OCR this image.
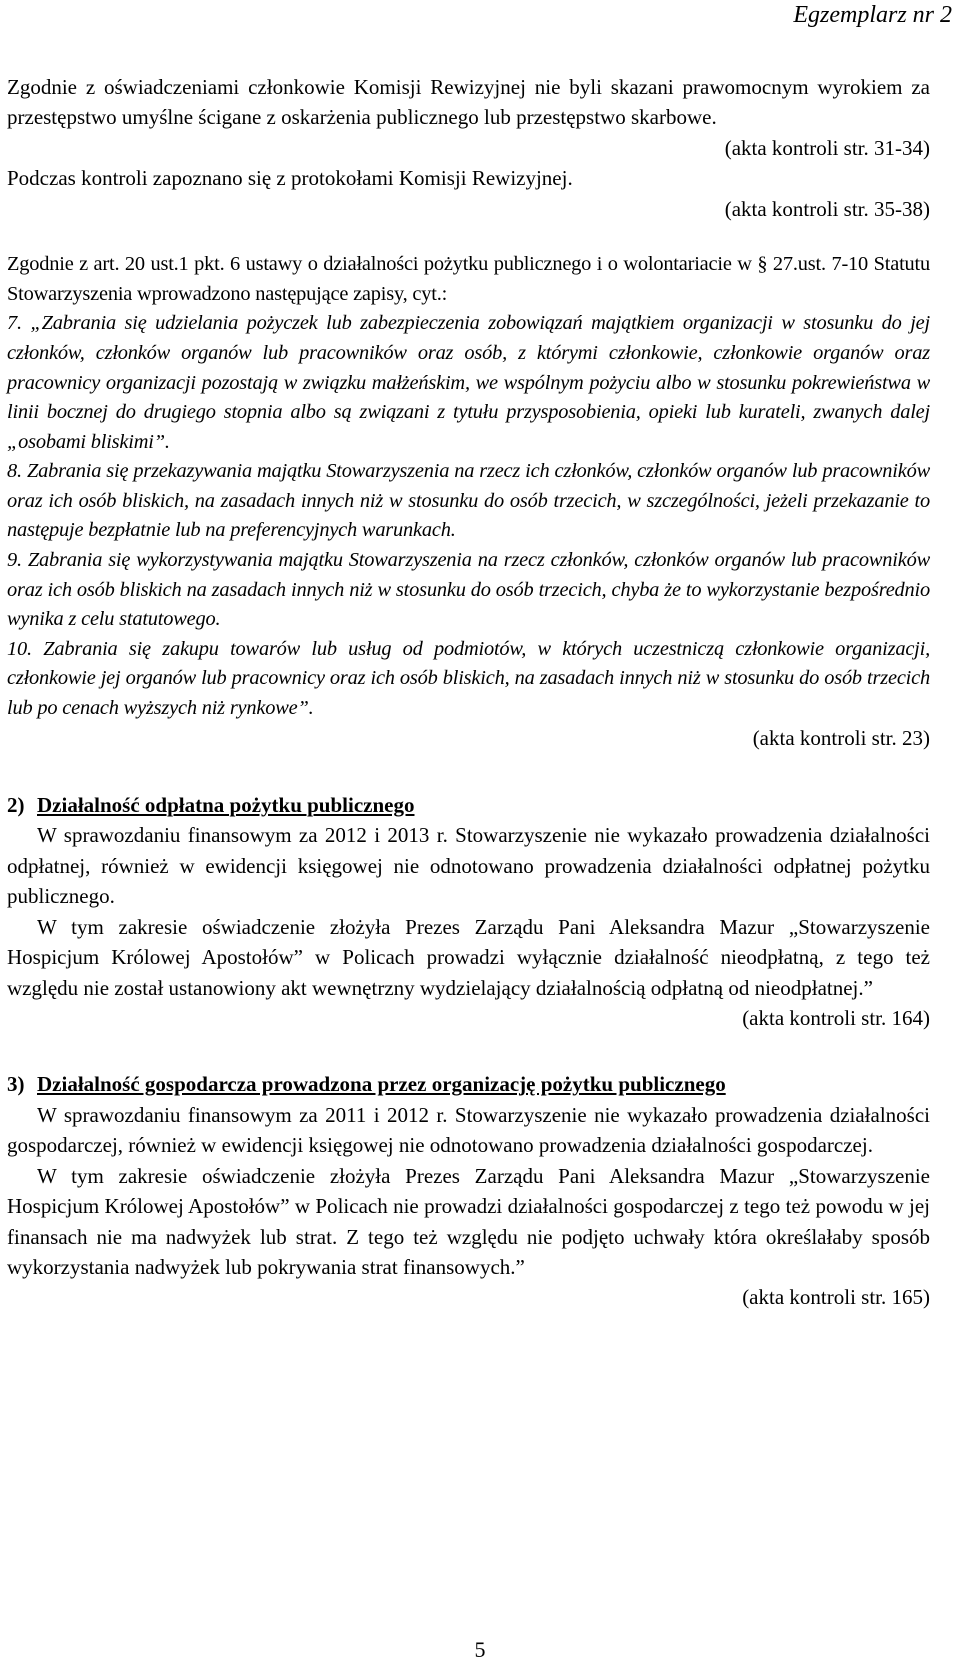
Egzemplarz nr 2

Zgodnie z oświadczeniami członkowie Komisji Rewizyjnej nie byli skazani prawomocnym wyrokiem za przestępstwo umyślne ścigane z oskarżenia publicznego lub przestępstwo skarbowe.

(akta kontroli str. 31-34)

Podczas kontroli zapoznano się z protokołami Komisji Rewizyjnej.

(akta kontroli str. 35-38)

Zgodnie z art. 20 ust.1 pkt. 6 ustawy o działalności pożytku publicznego i o wolontariacie w § 27.ust. 7-10 Statutu Stowarzyszenia wprowadzono następujące zapisy, cyt.:

7. „Zabrania się udzielania pożyczek lub zabezpieczenia zobowiązań majątkiem organizacji w stosunku do jej członków, członków organów lub pracowników oraz osób, z którymi członkowie, członkowie organów oraz pracownicy organizacji pozostają w związku małżeńskim, we wspólnym pożyciu albo w stosunku pokrewieństwa w linii bocznej do drugiego stopnia albo są związani z tytułu przysposobienia, opieki lub kurateli, zwanych dalej „osobami bliskimi”.

8. Zabrania się przekazywania majątku Stowarzyszenia na rzecz ich członków, członków organów lub pracowników oraz ich osób bliskich, na zasadach innych niż w stosunku do osób trzecich, w szczególności, jeżeli przekazanie to następuje bezpłatnie lub na preferencyjnych warunkach.

9. Zabrania się wykorzystywania majątku Stowarzyszenia na rzecz członków, członków organów lub pracowników oraz ich osób bliskich na zasadach innych niż w stosunku do osób trzecich, chyba że to wykorzystanie bezpośrednio wynika z celu statutowego.

10. Zabrania się zakupu towarów lub usług od podmiotów, w których uczestniczą członkowie organizacji, członkowie jej organów lub pracownicy oraz ich osób bliskich, na zasadach innych niż w stosunku do osób trzecich lub po cenach wyższych niż rynkowe”.

(akta kontroli str. 23)

2) Działalność odpłatna pożytku publicznego

W sprawozdaniu finansowym za 2012 i 2013 r. Stowarzyszenie nie wykazało prowadzenia działalności odpłatnej, również w ewidencji księgowej nie odnotowano prowadzenia działalności odpłatnej pożytku publicznego.

W tym zakresie oświadczenie złożyła Prezes Zarządu Pani Aleksandra Mazur „Stowarzyszenie Hospicjum Królowej Apostołów” w Policach prowadzi wyłącznie działalność nieodpłatną, z tego też względu nie został ustanowiony akt wewnętrzny wydzielający działalnością odpłatną od nieodpłatnej.”

(akta kontroli str. 164)

3) Działalność gospodarcza prowadzona przez organizację pożytku publicznego

W sprawozdaniu finansowym za 2011 i 2012 r. Stowarzyszenie nie wykazało prowadzenia działalności gospodarczej, również w ewidencji księgowej nie odnotowano prowadzenia działalności gospodarczej.

W tym zakresie oświadczenie złożyła Prezes Zarządu Pani Aleksandra Mazur „Stowarzyszenie Hospicjum Królowej Apostołów” w Policach nie prowadzi działalności gospodarczej z tego też powodu w jej finansach nie ma nadwyżek lub strat. Z tego też względu nie podjęto uchwały która określałaby sposób wykorzystania nadwyżek lub pokrywania strat finansowych.”

(akta kontroli str. 165)

5
